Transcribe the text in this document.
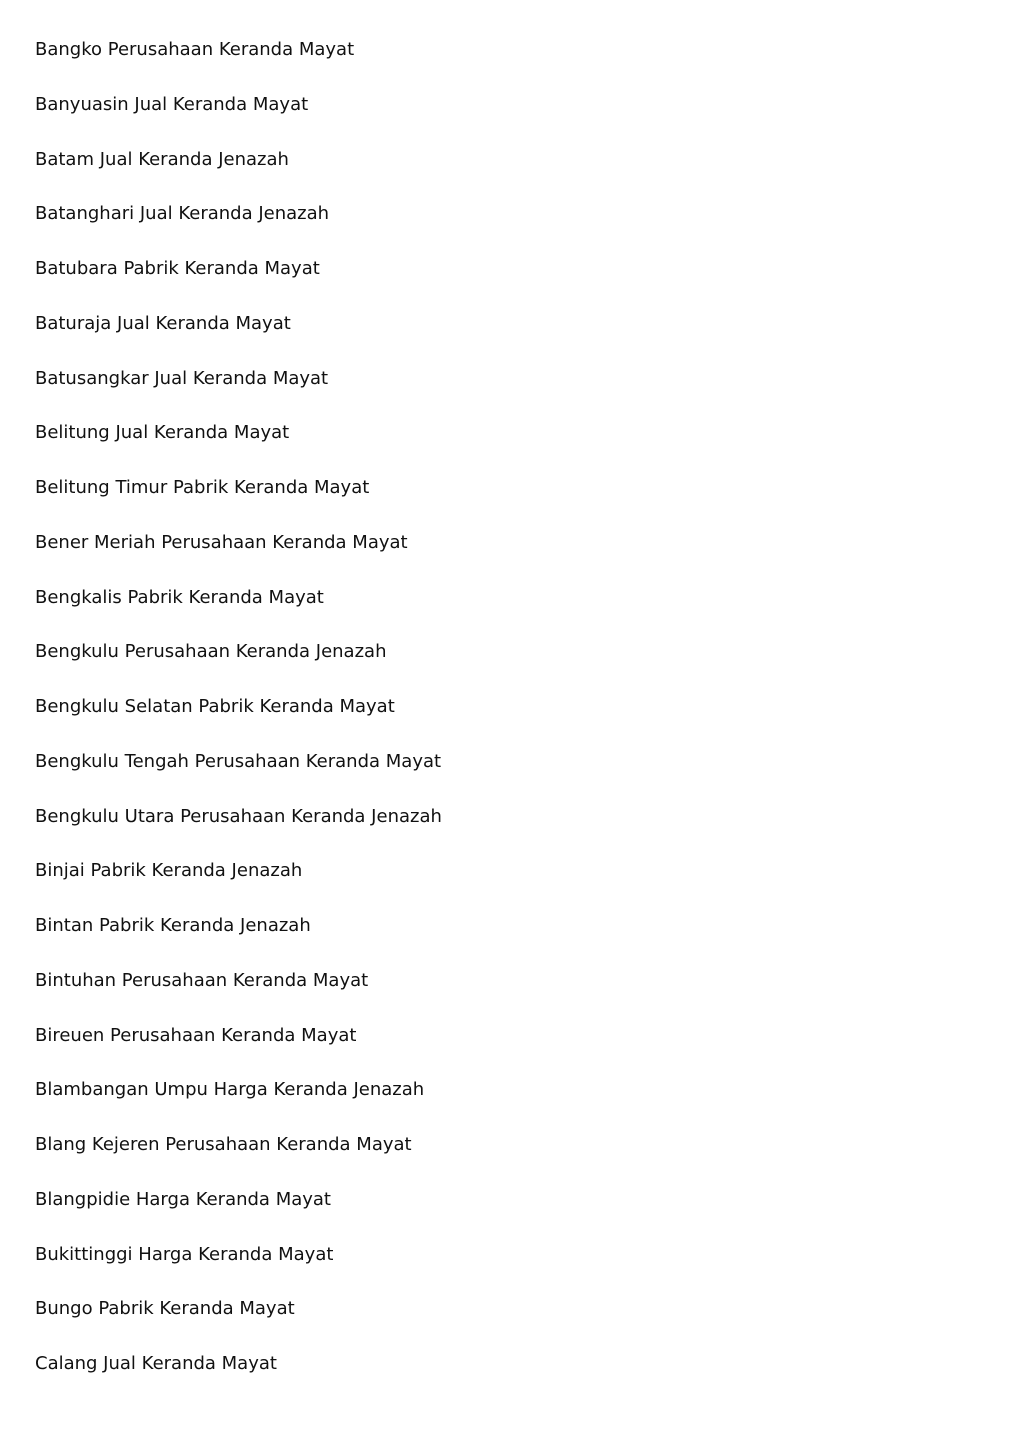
Bangko Perusahaan Keranda Mayat
Banyuasin Jual Keranda Mayat
Batam Jual Keranda Jenazah
Batanghari Jual Keranda Jenazah
Batubara Pabrik Keranda Mayat
Baturaja Jual Keranda Mayat
Batusangkar Jual Keranda Mayat
Belitung Jual Keranda Mayat
Belitung Timur Pabrik Keranda Mayat
Bener Meriah Perusahaan Keranda Mayat
Bengkalis Pabrik Keranda Mayat
Bengkulu Perusahaan Keranda Jenazah
Bengkulu Selatan Pabrik Keranda Mayat
Bengkulu Tengah Perusahaan Keranda Mayat
Bengkulu Utara Perusahaan Keranda Jenazah
Binjai Pabrik Keranda Jenazah
Bintan Pabrik Keranda Jenazah
Bintuhan Perusahaan Keranda Mayat
Bireuen Perusahaan Keranda Mayat
Blambangan Umpu Harga Keranda Jenazah
Blang Kejeren Perusahaan Keranda Mayat
Blangpidie Harga Keranda Mayat
Bukittinggi Harga Keranda Mayat
Bungo Pabrik Keranda Mayat
Calang Jual Keranda Mayat
